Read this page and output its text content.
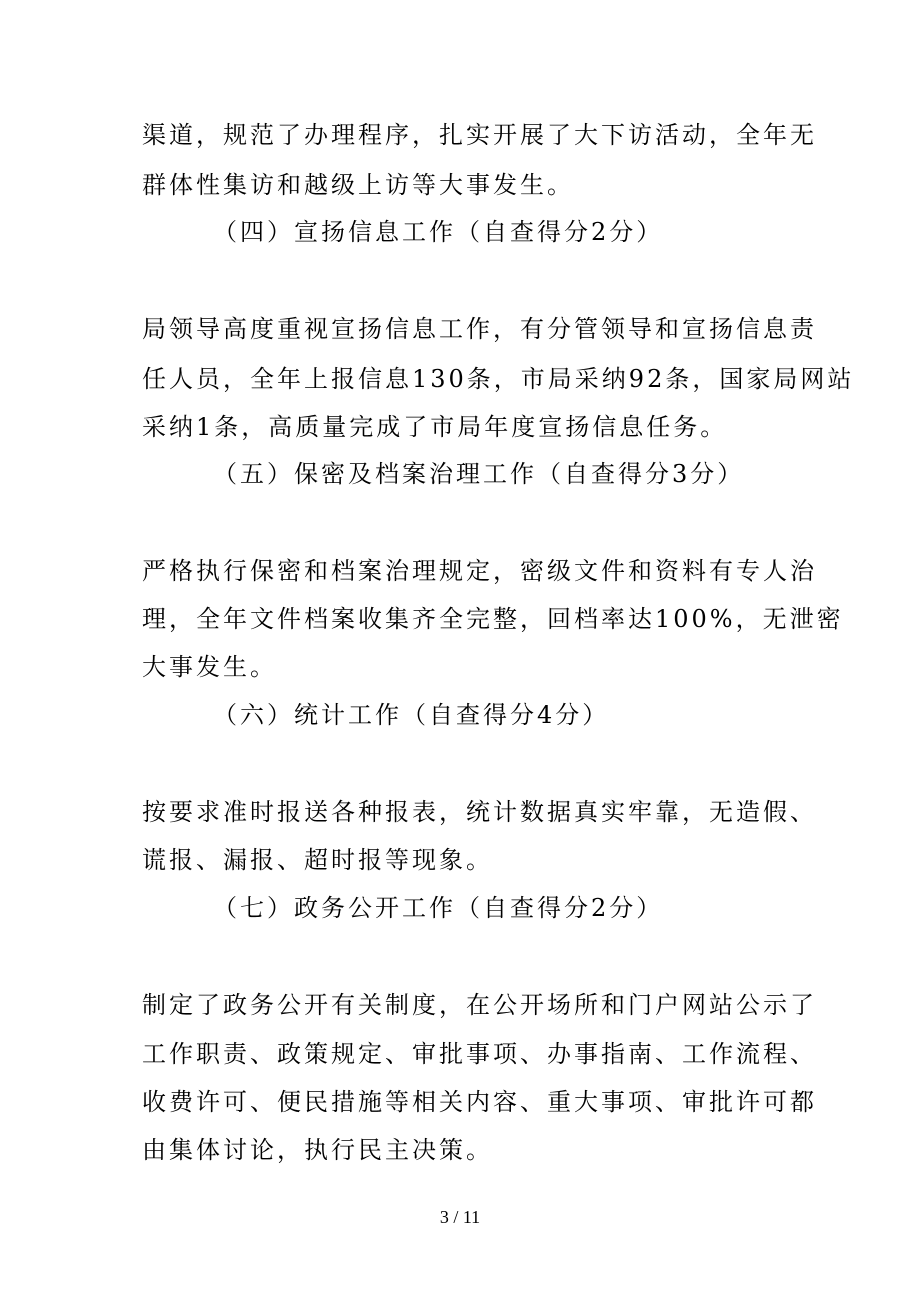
渠道，规范了办理程序，扎实开展了大下访活动，全年无
群体性集访和越级上访等大事发生。
（四）宣扬信息工作（自查得分2分）
局领导高度重视宣扬信息工作，有分管领导和宣扬信息责
任人员，全年上报信息130条，市局采纳92条，国家局网站
采纳1条，高质量完成了市局年度宣扬信息任务。
（五）保密及档案治理工作（自查得分3分）
严格执行保密和档案治理规定，密级文件和资料有专人治
理，全年文件档案收集齐全完整，回档率达100%，无泄密
大事发生。
（六）统计工作（自查得分4分）
按要求准时报送各种报表，统计数据真实牢靠，无造假、
谎报、漏报、超时报等现象。
（七）政务公开工作（自查得分2分）
制定了政务公开有关制度，在公开场所和门户网站公示了
工作职责、政策规定、审批事项、办事指南、工作流程、
收费许可、便民措施等相关内容、重大事项、审批许可都
由集体讨论，执行民主决策。
3 / 11
